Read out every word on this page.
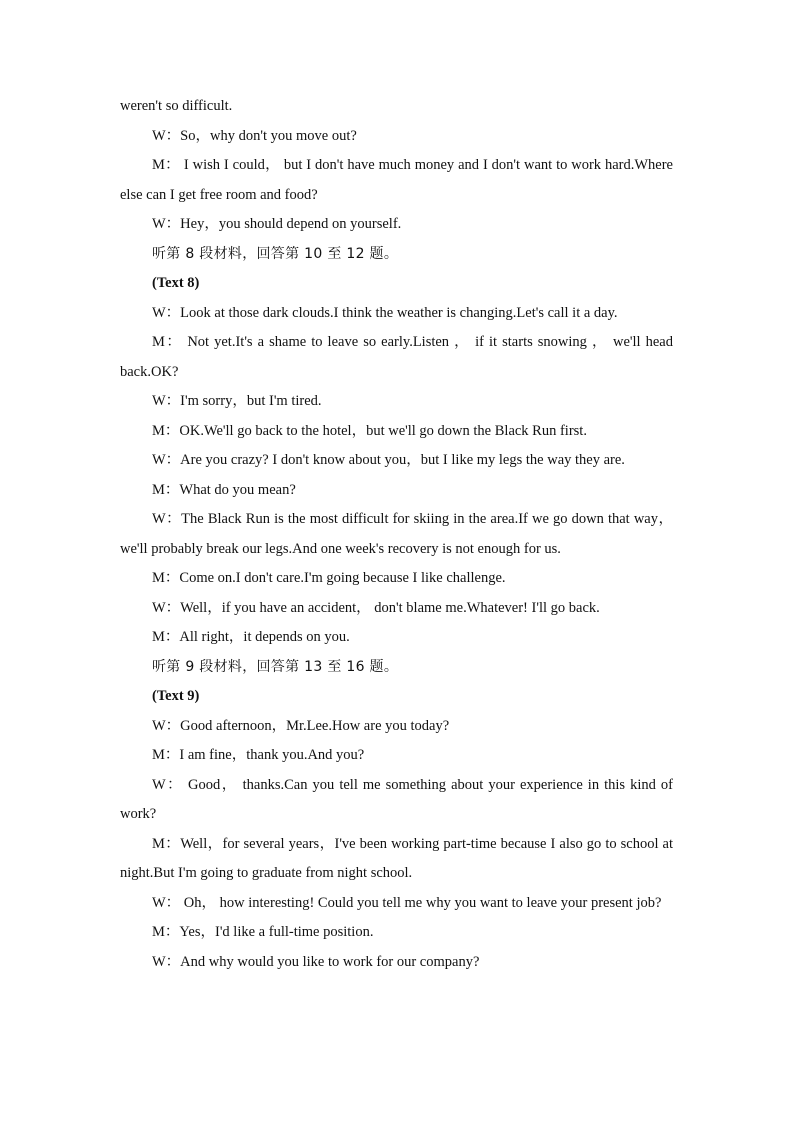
weren't so difficult.

W：So，why don't you move out?

M： I wish I could， but I don't have much money and I don't want to work hard.Where else can I get free room and food?

W：Hey，you should depend on yourself.

听第 8 段材料，回答第 10 至 12 题。

(Text 8)

W：Look at those dark clouds.I think the weather is changing.Let's call it a day.

M： Not yet.It's a shame to leave so early.Listen ， if it starts snowing ， we'll head back.OK?

W：I'm sorry，but I'm tired.

M：OK.We'll go back to the hotel，but we'll go down the Black Run first.

W：Are you crazy? I don't know about you，but I like my legs the way they are.

M：What do you mean?

W：The Black Run is the most difficult for skiing in the area.If we go down that way，we'll probably break our legs.And one week's recovery is not enough for us.

M：Come on.I don't care.I'm going because I like challenge.

W：Well，if you have an accident， don't blame me.Whatever! I'll go back.

M：All right，it depends on you.

听第 9 段材料，回答第 13 至 16 题。

(Text 9)

W：Good afternoon，Mr.Lee.How are you today?

M：I am fine，thank you.And you?

W： Good， thanks.Can you tell me something about your experience in this kind of work?

M：Well，for several years，I've been working part-time because I also go to school at night.But I'm going to graduate from night school.

W： Oh， how interesting! Could you tell me why you want to leave your present job?

M：Yes，I'd like a full-time position.

W：And why would you like to work for our company?
